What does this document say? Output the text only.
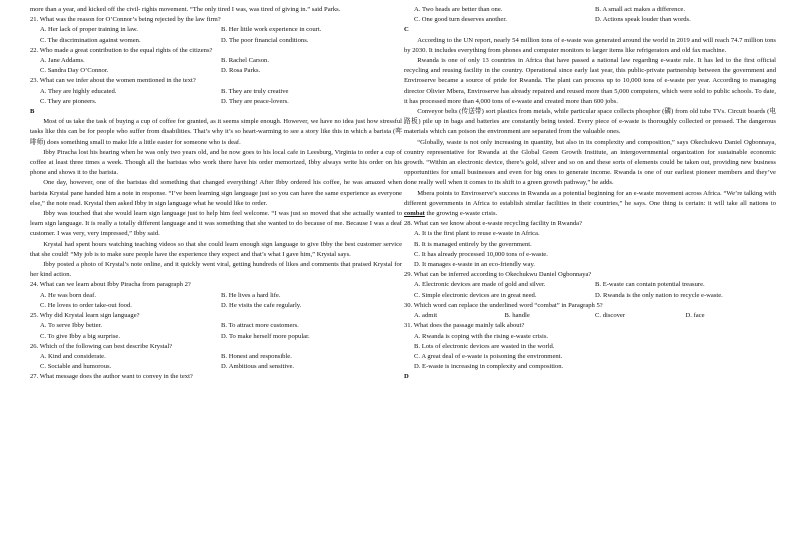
more than a year, and kicked off the civil- rights movement. “The only tired I was, was tired of giving in.” said Parks.

21. What was the reason for O’Connor’s being rejected by the law firm?

A. Her lack of proper training in law.	B. Her little work experience in court.
C. The discrimination against women.	D. The poor financial conditions.

22. Who made a great contribution to the equal rights of the citizens?

A. Jane Addams.	B. Rachel Carson.
C. Sandra Day O’Connor.	D. Rosa Parks.

23. What can we infer about the women mentioned in the text?

A. They are highly educated.	B. They are truly creative
C. They are pioneers.	D. They are peace-lovers.

B

Most of us take the task of buying a cup of coffee for granted, as it seems simple enough. However, we have no idea just how stressful tasks like this can be for people who suffer from disabilities. That’s why it’s so heart-warming to see a story like this in which a barista (哖啡师) does something small to make life a little easier for someone who is deaf.

Ibby Piracha lost his hearing when he was only two years old, and he now goes to his local cafe in Leesburg, Virginia to order a cup of coffee at least three times a week. Though all the baristas who work there have his order memorized, Ibby always write his order on his phone and shows it to the barista.

One day, however, one of the baristas did something that changed everything! After Ibby ordered his coffee, he was amazed when barista Krystal pane handed him a note in response. “I’ve been learning sign language just so you can have the same experience as everyone else,” the note read. Krystal then asked Ibby in sign language what he would like to order.

Ibby was touched that she would learn sign language just to help him feel welcome. “I was just so moved that she actually wanted to learn sign language. It is really a totally different language and it was something that she wanted to do because of me. Because I was a deaf customer. I was very, very impressed,” Ibby said.

Krystal had spent hours watching teaching videos so that she could learn enough sign language to give Ibby the best customer service that she could! “My job is to make sure people have the experience they expect and that’s what I gave him,” Krystal says.

Ibby posted a photo of Krystal’s note online, and it quickly went viral, getting hundreds of likes and comments that praised Krystal for her kind action.

24. What can we learn about Ibby Piracha from paragraph 2?

A. He was born deaf.	B. He lives a hard life.
C. He loves to order take-out food.	D. He visits the cafe regularly.

25. Why did Krystal learn sign language?

A. To serve Ibby better.	B. To attract more customers.
C. To give Ibby a big surprise.	D. To make herself more popular.

26. Which of the following can best describe Krystal?

A. Kind and considerate.	B. Honest and responsible.
C. Sociable and humorous.	D. Ambitious and sensitive.

27. What message does the author want to convey in the text?

A. Two heads are better than one.	B. A small act makes a difference.
C. One good turn deserves another.	D. Actions speak louder than words.

C

According to the UN report, nearly 54 million tons of e-waste was generated around the world in 2019 and will reach 74.7 million tons by 2030. It includes everything from phones and computer monitors to larger items like refrigerators and old fax machine.

Rwanda is one of only 13 countries in Africa that have passed a national law regarding e-waste rule. It has led to the first official recycling and reusing facility in the country. Operational since early last year, this public-private partnership between the government and Enviroserve became a source of pride for Rwanda. The plant can process up to 10,000 tons of e-waste per year. According to managing director Olivier Mbera, Enviroserve has already repaired and reused more than 5,000 computers, which were sold to public schools. To date, it has processed more than 4,000 tons of e-waste and created more than 600 jobs.

Conveyor belts (传送带) sort plastics from metals, while particular space collects phosphor (磷) from old tube TVs. Circuit boards (电路板) pile up in bags and batteries are constantly being tested. Every piece of e-waste is thoroughly collected or pressed. The dangerous materials which can poison the environment are separated from the valuable ones.

“Globally, waste is not only increasing in quantity, but also in its complexity and composition,” says Okechukwu Daniel Ogbonnaya, country representative for Rwanda at the Global Green Growth Institute, an intergovernmental organization for sustainable economic growth. “Within an electronic device, there’s gold, silver and so on and these sorts of elements could be taken out, providing new business opportunities for small businesses and even for big ones to generate income. Rwanda is one of our earliest pioneer members and they’ve done really well when it comes to its shift to a green growth pathway,” he adds.

Mbera points to Enviroserve’s success in Rwanda as a potential beginning for an e-waste movement across Africa. “We’re talking with different governments in Africa to establish similar facilities in their countries,” he says. One thing is certain: it will take all nations to combat the growing e-waste crisis.

28. What can we know about e-waste recycling facility in Rwanda?

A. It is the first plant to reuse e-waste in Africa.
B. It is managed entirely by the government.
C. It has already processed 10,000 tons of e-waste.
D. It manages e-waste in an eco-friendly way.

29. What can be inferred according to Okechukwu Daniel Ogbonnaya?

A. Electronic devices are made of gold and silver.	B. E-waste can contain potential treasure.
C. Simple electronic devices are in great need.	D. Rwanda is the only nation to recycle e-waste.

30. Which word can replace the underlined word “combat” in Paragraph 5?

A. admit	B. handle	C. discover	D. face

31. What does the passage mainly talk about?

A. Rwanda is coping with the rising e-waste crisis.
B. Lots of electronic devices are wasted in the world.
C. A great deal of e-waste is poisoning the environment.
D. E-waste is increasing in complexity and composition.

D
